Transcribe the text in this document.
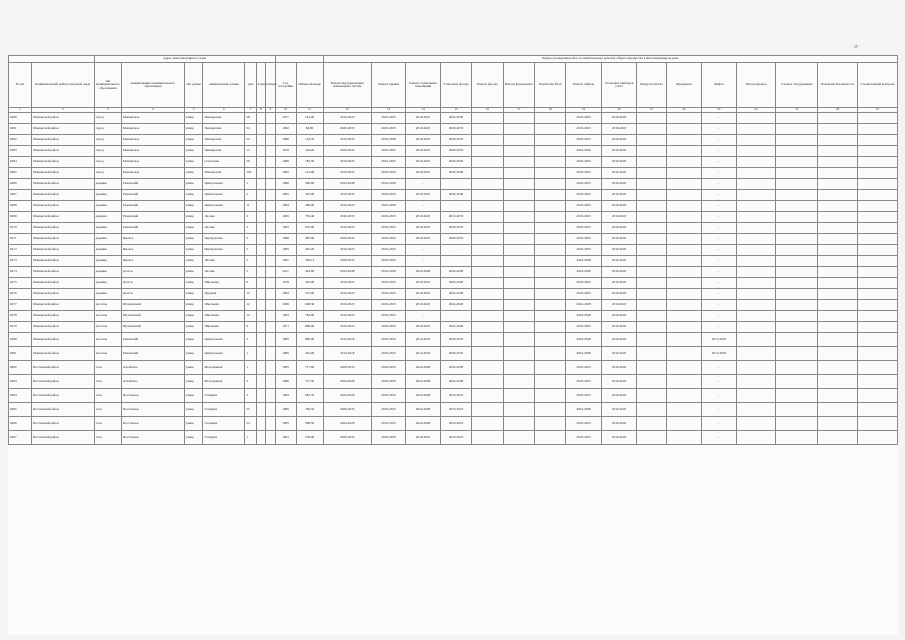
-2-
		Адрес многоквартирного дома									Период проведения работ по капитальному ремонту общего имущества в многоквартирном доме															
№ п/п	муниципальный район/городской округ	тип муниципального образования	наименование муниципального образования	тип улицы	наименование улицы	дом	корпус	литера	Год постройки	Общая площадь	Ремонт внутридомовых инженерных систем	Ремонт крыши	Ремонт подвальных помещений	Утепление фасада	Ремонт фасада	Ремонт фундамента	Разработка ПСД	Ремонт лифтов	Установка приборов учета	Переустройство	Фундамент	Лифты	Мусоропровод	Газовое оборудование	Пожарная безопасность	Строительный контроль
1	2	3	4	5	6	7	8	9	10	11	12	13	14	15	16	17	18	19	20	21	22	23	24	25	26	27
6280	Мошенской район	город	Мошенское	улица	Пионерская	58			1977	514,00	2019-2023	2023-2025	2019-2025	2024-2030				2019-2023	2019-2043			-				
6281	Мошенской район	город	Мошенское	улица	Пионерская	54			1962	84,80	2029-2033	2023-2025	2019-2025	2029-2033				2019-2023	2018-2043			-				
6282	Мошенской район	город	Мошенское	улица	Пионерская	52			1966	134,70	2019-2033	2019-2038	2019-2023	2029-2033				2019-2025	2019-2043			-				
6283	Мошенской район	город	Мошенское	улица	Пионерская	15			1976	104,20	2029-2033	2023-2025	2019-2025	2029-2033				2024-2026	2019-2043			-				
6284	Мошенской район	город	Мошенское	улица	Советская	29			1966	185,50	2019-2033	2023-2025	2019-2025	2029-2033				2019-2023	2019-2043			-				
6285	Мошенской район	город	Мошенское	улица	Пионерская	103			1965	212,00	2019-2033	2029-2033	2019-2025	2034-2038				2019-2023	2019-2043			-				
6286	Мошенской район	деревня	Раменский	улица	Центральная	1			1966	300,00	2034-2038	2019-2028	-	-				2019-2023	2019-2043			-				
6287	Мошенской район	деревня	Раменский	улица	Центральная	2			1965	305,00	2019-2033	2029-2033	2019-2025	2034-2038				2019-2023	2019-2043			-				
6288	Мошенской район	деревня	Раменский	улица	Центральная	11			1964	286,00	2019-2023	2023-2028	-	-				2019-2023	2019-2043			-				
6289	Мошенской район	деревня	Раменский	улица	Лесная	2			1965	795,40	2019-2033	2019-2023	2019-2023	2019-2033				2019-2023	2019-2043			-				
6270	Мошенской район	деревня	Раменский	улица	Лесная	3			1965	610,00	2019-2023	2019-2023	2019-2023	2029-2033				2019-2023	2019-2043			-				
6271	Мошенской район	деревня	Ямское	улица	Черемуховая	3			1966	485,00	2029-2033	2019-2023	2019-2023	2029-2033				2019-2033	2019-2043			-				
6272	Мошенской район	деревня	Ямское	улица	Черемуховая	2			1965	322,20	2019-2023	2019-2023	-	-				2019-2033	2019-2043			-				
6273	Мошенской район	деревня	Ямское	улица	Лесная	2			1967	390,13	2029-2033	2019-2023	-	-				2024-2028	2019-2043			-				
6274	Мошенской район	деревня	Долгое	улица	Лесная	5			2011	424,00	2034-2038	2019-2028	2024-2028	2024-2028				2024-2028	2019-2043			-				
6275	Мошенской район	деревня	Долгое	улица	Школьная	9			1978	302,00	2019-2023	2019-2023	2019-2023	2024-2028				2019-2023	2019-2043			-				
6276	Мошенской район	деревня	Долгое	улица	Прудная	12			1963	572,00	2019-2023	2019-2023	2019-2023	2024-2028				2019-2023	2019-2043			-				
6277	Мошенской район	поселок	Шушамский	улица	Школьная	12			1969	648,30	2019-2023	2019-2023	2019-2023	2024-2028				2024-2028	2019-2043			-				
6278	Мошенской район	поселок	Шушамский	улица	Школьная	12			1963	782,00	2019-2023	2019-2023	-	-				2024-2028	2019-2043			-				
6279	Мошенской район	поселок	Шушамский	улица	Школьная	9			1971	686,00	2019-2023	2029-2033	2019-2023	2024-2028				2019-2023	2019-2043			-				
6280	Мошенской район	поселок	Раменский	улица	Центральная	3			1985	680,00	2014-2018	2029-2033	2014-2018	2029-2033				2024-2028	2019-2043			2013-2018				
6281	Мошенской район	поселок	Раменский	улица	Центральная	1			1985	452,00	2014-2018	2019-2023	2014-2018	2029-2033				2024-2028	2019-2043			2013-2018				
6282	Пестовский район	село	Алтайское	улица	Молодежная	1			1985	717,60	2029-2033	2029-2033	2024-2028	2024-2028				2019-2023	2019-2043			-				
6283	Пестовский район	село	Алтайское	улица	Молодежная	3			1986	727,50	2024-2028	2029-2033	2024-2028	2024-2028				2019-2023	2019-2043			-				
6284	Пестовский район	село	Пестовское	улица	Гагарина	3			1984	983,70	2024-2028	2029-2033	2024-2028	2019-2023				2019-2023	2019-2043			-				
6285	Пестовский район	село	Пестовское	улица	Гагарина	25			1985	766,34	2029-2033	2019-2023	2024-2028	2019-2023				2024-2028	2019-2043			-				
6286	Пестовский район	село	Пестовское	улица	Гагарина	24			1985	568,50	2024-2028	2019-2023	2024-2028	2019-2023				2019-2023	2019-2043			-				
6287	Пестовский район	село	Пестовское	улица	Гагарина	1			1991	558,00	2029-2033	2029-2033	2019-2023	2019-2023				2019-2023	2019-2043			-				
